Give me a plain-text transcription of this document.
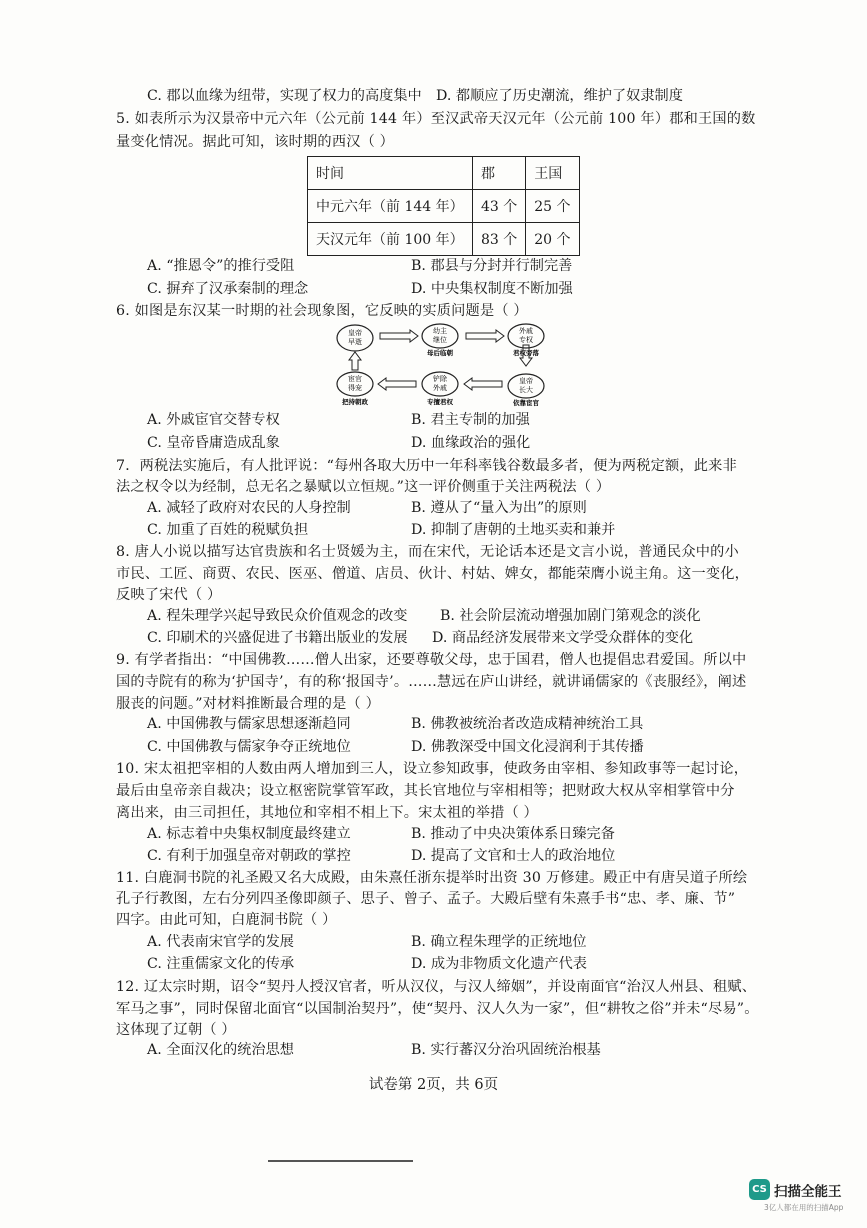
C. 郡以血缘为纽带，实现了权力的高度集中 D. 都顺应了历史潮流，维护了奴隶制度
5. 如表所示为汉景帝中元六年（公元前 144 年）至汉武帝天汉元年（公元前 100 年）郡和王国的数
量变化情况。据此可知，该时期的西汉（ ）
时间	郡	王国
中元六年（前 144 年）	43 个	25 个
天汉元年（前 100 年）	83 个	20 个
A. “推恩令”的推行受阻	B. 郡县与分封并行制完善
C. 摒弃了汉承秦制的理念	D. 中央集权制度不断加强
6. 如图是东汉某一时期的社会现象图，它反映的实质问题是（ ）
皇帝
早逝
幼主
继位
母后临朝
外戚
专权
君权旁落
皇帝
长大
依靠宦官
铲除
外戚
专擅君权
宦官
得宠
把持朝政
A. 外戚宦官交替专权	B. 君主专制的加强
C. 皇帝昏庸造成乱象	D. 血缘政治的强化
7．两税法实施后，有人批评说：“每州各取大历中一年科率钱谷数最多者，便为两税定额，此来非
法之权令以为经制，总无名之暴赋以立恒规。”这一评价侧重于关注两税法（ ）
A. 减轻了政府对农民的人身控制	B. 遵从了“量入为出”的原则
C. 加重了百姓的税赋负担	D. 抑制了唐朝的土地买卖和兼并
8. 唐人小说以描写达官贵族和名士贤媛为主，而在宋代，无论话本还是文言小说，普通民众中的小
市民、工匠、商贾、农民、医巫、僧道、店员、伙计、村姑、婢女，都能荣膺小说主角。这一变化，
反映了宋代（ ）
A. 程朱理学兴起导致民众价值观念的改变 B. 社会阶层流动增强加剧门第观念的淡化
C. 印刷术的兴盛促进了书籍出版业的发展 D. 商品经济发展带来文学受众群体的变化
9. 有学者指出：“中国佛教……僧人出家，还要尊敬父母，忠于国君，僧人也提倡忠君爱国。所以中
国的寺院有的称为‘护国寺’，有的称‘报国寺’。……慧远在庐山讲经，就讲诵儒家的《丧服经》，阐述
服丧的问题。”对材料推断最合理的是（ ）
A. 中国佛教与儒家思想逐渐趋同	B. 佛教被统治者改造成精神统治工具
C. 中国佛教与儒家争夺正统地位	D. 佛教深受中国文化浸润利于其传播
10. 宋太祖把宰相的人数由两人增加到三人，设立参知政事，使政务由宰相、参知政事等一起讨论，
最后由皇帝亲自裁决；设立枢密院掌管军政，其长官地位与宰相相等；把财政大权从宰相掌管中分
离出来，由三司担任，其地位和宰相不相上下。宋太祖的举措（ ）
A. 标志着中央集权制度最终建立	B. 推动了中央决策体系日臻完备
C. 有利于加强皇帝对朝政的掌控	D. 提高了文官和士人的政治地位
11. 白鹿洞书院的礼圣殿又名大成殿，由朱熹任浙东提举时出资 30 万修建。殿正中有唐吴道子所绘
孔子行教图，左右分列四圣像即颜子、思子、曾子、孟子。大殿后壁有朱熹手书“忠、孝、廉、节”
四字。由此可知，白鹿洞书院（ ）
A. 代表南宋官学的发展	B. 确立程朱理学的正统地位
C. 注重儒家文化的传承	D. 成为非物质文化遗产代表
12. 辽太宗时期，诏令“契丹人授汉官者，听从汉仪，与汉人缔姻”，并设南面官“治汉人州县、租赋、
军马之事”，同时保留北面官“以国制治契丹”，使“契丹、汉人久为一家”，但“耕牧之俗”并未“尽易”。
这体现了辽朝（ ）
A. 全面汉化的统治思想	B. 实行蕃汉分治巩固统治根基
试卷第 2页，共 6页
CS 扫描全能王
3亿人都在用的扫描App
